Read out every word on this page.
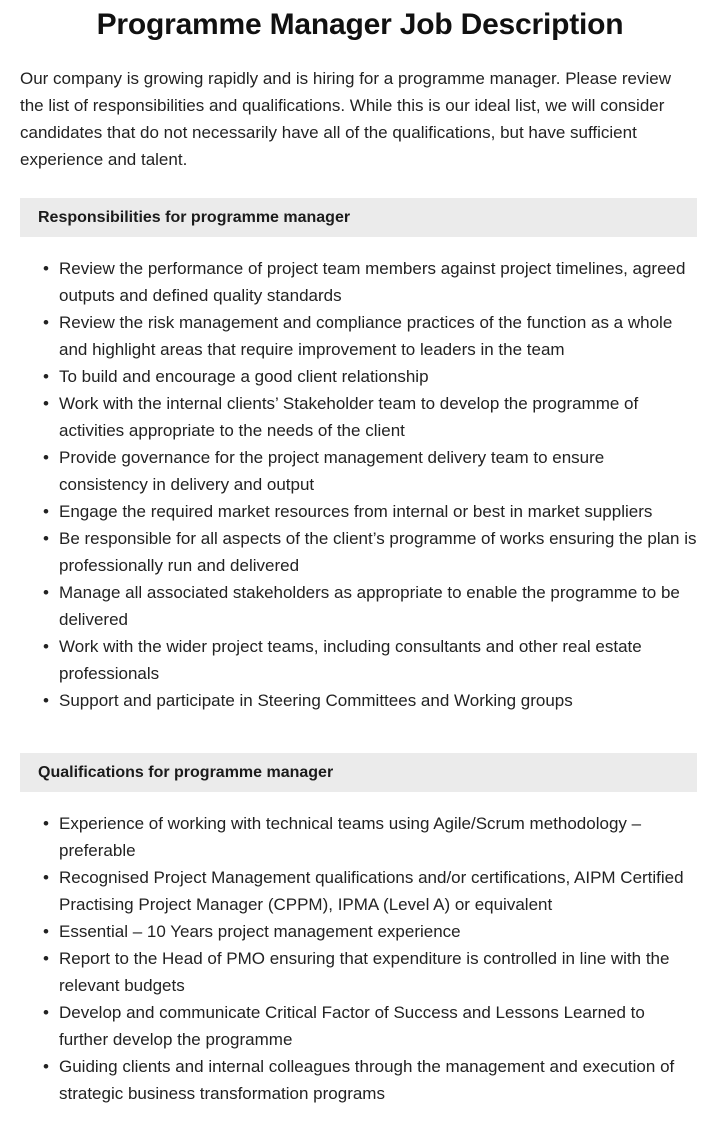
Programme Manager Job Description

Our company is growing rapidly and is hiring for a programme manager. Please review the list of responsibilities and qualifications. While this is our ideal list, we will consider candidates that do not necessarily have all of the qualifications, but have sufficient experience and talent.

Responsibilities for programme manager
• Review the performance of project team members against project timelines, agreed outputs and defined quality standards
• Review the risk management and compliance practices of the function as a whole and highlight areas that require improvement to leaders in the team
• To build and encourage a good client relationship
• Work with the internal clients’ Stakeholder team to develop the programme of activities appropriate to the needs of the client
• Provide governance for the project management delivery team to ensure consistency in delivery and output
• Engage the required market resources from internal or best in market suppliers
• Be responsible for all aspects of the client’s programme of works ensuring the plan is professionally run and delivered
• Manage all associated stakeholders as appropriate to enable the programme to be delivered
• Work with the wider project teams, including consultants and other real estate professionals
• Support and participate in Steering Committees and Working groups
Qualifications for programme manager
• Experience of working with technical teams using Agile/Scrum methodology – preferable
• Recognised Project Management qualifications and/or certifications, AIPM Certified Practising Project Manager (CPPM), IPMA (Level A) or equivalent
• Essential – 10 Years project management experience
• Report to the Head of PMO ensuring that expenditure is controlled in line with the relevant budgets
• Develop and communicate Critical Factor of Success and Lessons Learned to further develop the programme
• Guiding clients and internal colleagues through the management and execution of strategic business transformation programs
